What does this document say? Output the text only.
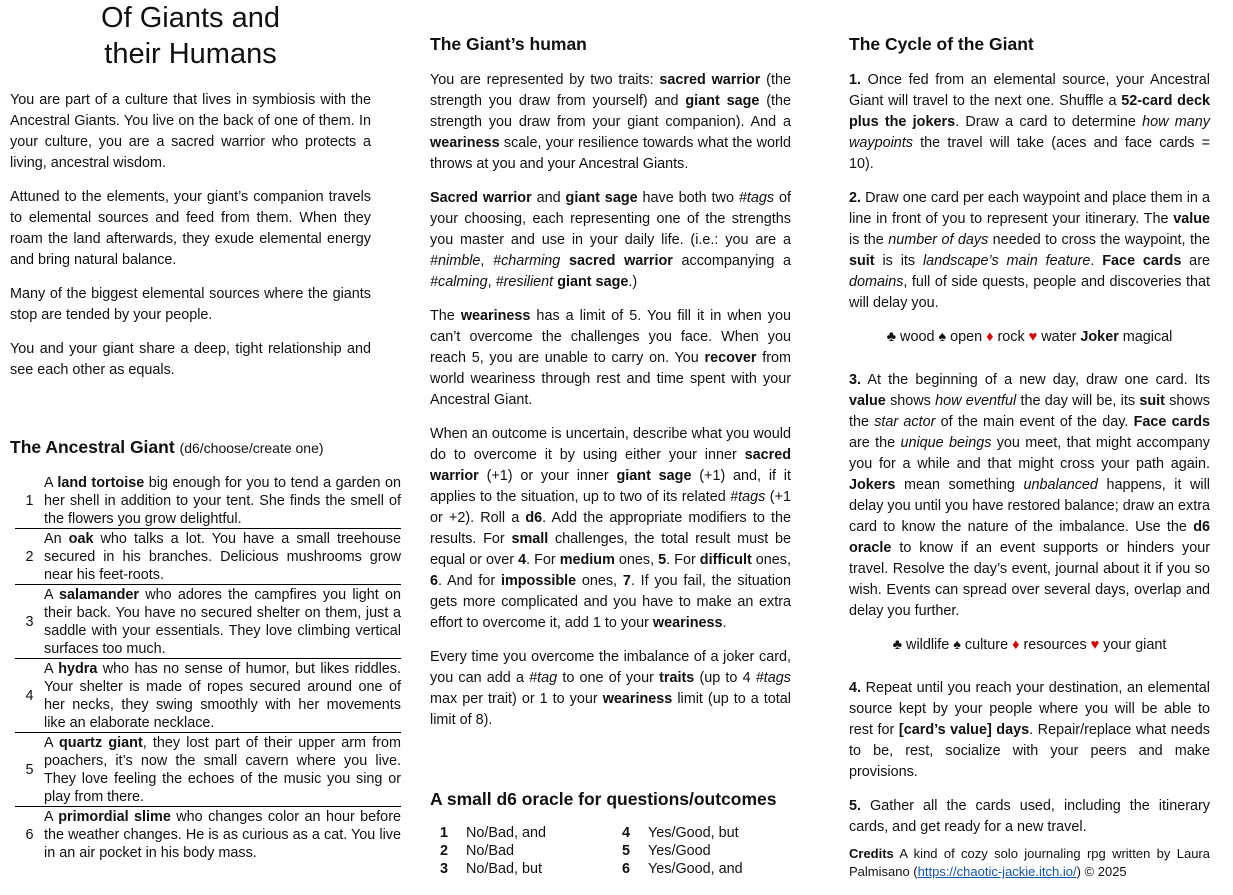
Of Giants and
their Humans

You are part of a culture that lives in symbiosis with the Ancestral Giants. You live on the back of one of them. In your culture, you are a sacred warrior who protects a living, ancestral wisdom.

Attuned to the elements, your giant’s companion travels to elemental sources and feed from them. When they roam the land afterwards, they exude elemental energy and bring natural balance.

Many of the biggest elemental sources where the giants stop are tended by your people.

You and your giant share a deep, tight relationship and see each other as equals.

The Ancestral Giant (d6/choose/create one)
1	A land tortoise big enough for you to tend a garden on her shell in addition to your tent. She finds the smell of the flowers you grow delightful.
2	An oak who talks a lot. You have a small treehouse secured in his branches. Delicious mushrooms grow near his feet-roots.
3	A salamander who adores the campfires you light on their back. You have no secured shelter on them, just a saddle with your essentials. They love climbing vertical surfaces too much.
4	A hydra who has no sense of humor, but likes riddles. Your shelter is made of ropes secured around one of her necks, they swing smoothly with her movements like an elaborate necklace.
5	A quartz giant, they lost part of their upper arm from poachers, it’s now the small cavern where you live. They love feeling the echoes of the music you sing or play from there.
6	A primordial slime who changes color an hour before the weather changes. He is as curious as a cat. You live in an air pocket in his body mass.
The Giant’s human

You are represented by two traits: sacred warrior (the strength you draw from yourself) and giant sage (the strength you draw from your giant companion). And a weariness scale, your resilience towards what the world throws at you and your Ancestral Giants.

Sacred warrior and giant sage have both two #tags of your choosing, each representing one of the strengths you master and use in your daily life. (i.e.: you are a #nimble, #charming sacred warrior accompanying a #calming, #resilient giant sage.)

The weariness has a limit of 5. You fill it in when you can’t overcome the challenges you face. When you reach 5, you are unable to carry on. You recover from world weariness through rest and time spent with your Ancestral Giant.

When an outcome is uncertain, describe what you would do to overcome it by using either your inner sacred warrior (+1) or your inner giant sage (+1) and, if it applies to the situation, up to two of its related #tags (+1 or +2). Roll a d6. Add the appropriate modifiers to the results. For small challenges, the total result must be equal or over 4. For medium ones, 5. For difficult ones, 6. And for impossible ones, 7. If you fail, the situation gets more complicated and you have to make an extra effort to overcome it, add 1 to your weariness.

Every time you overcome the imbalance of a joker card, you can add a #tag to one of your traits (up to 4 #tags max per trait) or 1 to your weariness limit (up to a total limit of 8).

A small d6 oracle for questions/outcomes
1	No/Bad, and	4	Yes/Good, but
2	No/Bad	5	Yes/Good
3	No/Bad, but	6	Yes/Good, and
The Cycle of the Giant

1. Once fed from an elemental source, your Ancestral Giant will travel to the next one. Shuffle a 52-card deck plus the jokers. Draw a card to determine how many waypoints the travel will take (aces and face cards = 10).

2. Draw one card per each waypoint and place them in a line in front of you to represent your itinerary. The value is the number of days needed to cross the waypoint, the suit is its landscape’s main feature. Face cards are domains, full of side quests, people and discoveries that will delay you.

♣ wood ♠ open ♦ rock ♥ water Joker magical

3. At the beginning of a new day, draw one card. Its value shows how eventful the day will be, its suit shows the star actor of the main event of the day. Face cards are the unique beings you meet, that might accompany you for a while and that might cross your path again. Jokers mean something unbalanced happens, it will delay you until you have restored balance; draw an extra card to know the nature of the imbalance. Use the d6 oracle to know if an event supports or hinders your travel. Resolve the day’s event, journal about it if you so wish. Events can spread over several days, overlap and delay you further.

♣ wildlife ♠ culture ♦ resources ♥ your giant

4. Repeat until you reach your destination, an elemental source kept by your people where you will be able to rest for [card’s value] days. Repair/replace what needs to be, rest, socialize with your peers and make provisions.

5. Gather all the cards used, including the itinerary cards, and get ready for a new travel.

Credits A kind of cozy solo journaling rpg written by Laura Palmisano (https://chaotic-jackie.itch.io/) © 2025
